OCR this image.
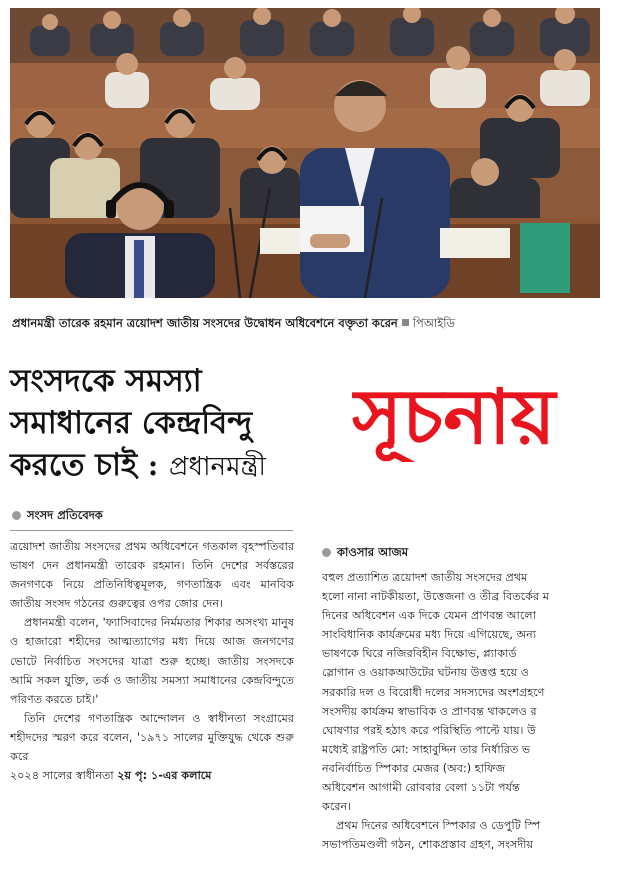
প্রধানমন্ত্রী তারেক রহমান ত্রয়োদশ জাতীয় সংসদের উদ্বোধন অধিবেশনে বক্তৃতা করেন পিআইডি
সংসদকে সমস্যা
সমাধানের কেন্দ্রবিন্দু
করতে চাই : প্রধানমন্ত্রী
সংসদ প্রতিবেদক

ত্রয়োদশ জাতীয় সংসদের প্রথম অধিবেশনে গতকাল বৃহস্পতিবার ভাষণ দেন প্রধানমন্ত্রী তারেক রহমান। তিনি দেশের সর্বস্তরের জনগণকে নিয়ে প্রতিনিধিত্বমূলক, গণতান্ত্রিক এবং মানবিক জাতীয় সংসদ গঠনের গুরুত্বের ওপর জোর দেন।

প্রধানমন্ত্রী বলেন, 'ফ্যাসিবাদের নির্মমতার শিকার অসংখ্য মানুষ ও হাজারো শহীদের আত্মত্যাগের মধ্য দিয়ে আজ জনগণের ভোটে নির্বাচিত সংসদের যাত্রা শুরু হচ্ছে। জাতীয় সংসদকে আমি সকল যুক্তি, তর্ক ও জাতীয় সমস্যা সমাধানের কেন্দ্রবিন্দুতে পরিণত করতে চাই।'

তিনি দেশের গণতান্ত্রিক আন্দোলন ও স্বাধীনতা সংগ্রামের শহীদদের স্মরণ করে বলেন, '১৯৭১ সালের মুক্তিযুদ্ধ থেকে শুরু করে

২০২৪ সালের স্বাধীনতা ২য় পৃ: ১-এর কলামে

সূচনায়
কাওসার আজম
বহুল প্রত্যাশিত ত্রয়োদশ জাতীয় সংসদের প্রথম
হলো নানা নাটকীয়তা, উত্তেজনা ও তীব্র বিতর্কের ম
দিনের অধিবেশন এক দিকে যেমন প্রাণবন্ত আলো
সাংবিধানিক কার্যক্রমের মধ্য দিয়ে এগিয়েছে, অন্য
ভাষণকে ঘিরে নজিরবিহীন বিক্ষোভ, প্ল্যাকার্ড
স্লোগান ও ওয়াকআউটের ঘটনায় উত্তপ্ত হয়ে ও
সরকারি দল ও বিরোধী দলের সদস্যদের অংশগ্রহণে
সংসদীয় কার্যক্রম স্বাভাবিক ও প্রাণবন্ত থাকলেও র
ঘোষণার পরই হঠাৎ করে পরিস্থিতি পাল্টে যায়। উ
মধ্যেই রাষ্ট্রপতি মো: সাহাবুদ্দিন তার নির্ধারিত ভ
নবনির্বাচিত স্পিকার মেজর (অব:) হাফিজ
অধিবেশন আগামী রোববার বেলা ১১টা পর্যন্ত
করেন।
প্রথম দিনের অধিবেশনে স্পিকার ও ডেপুটি স্পি
সভাপতিমণ্ডলী গঠন, শোকপ্রস্তাব গ্রহণ, সংসদীয়
